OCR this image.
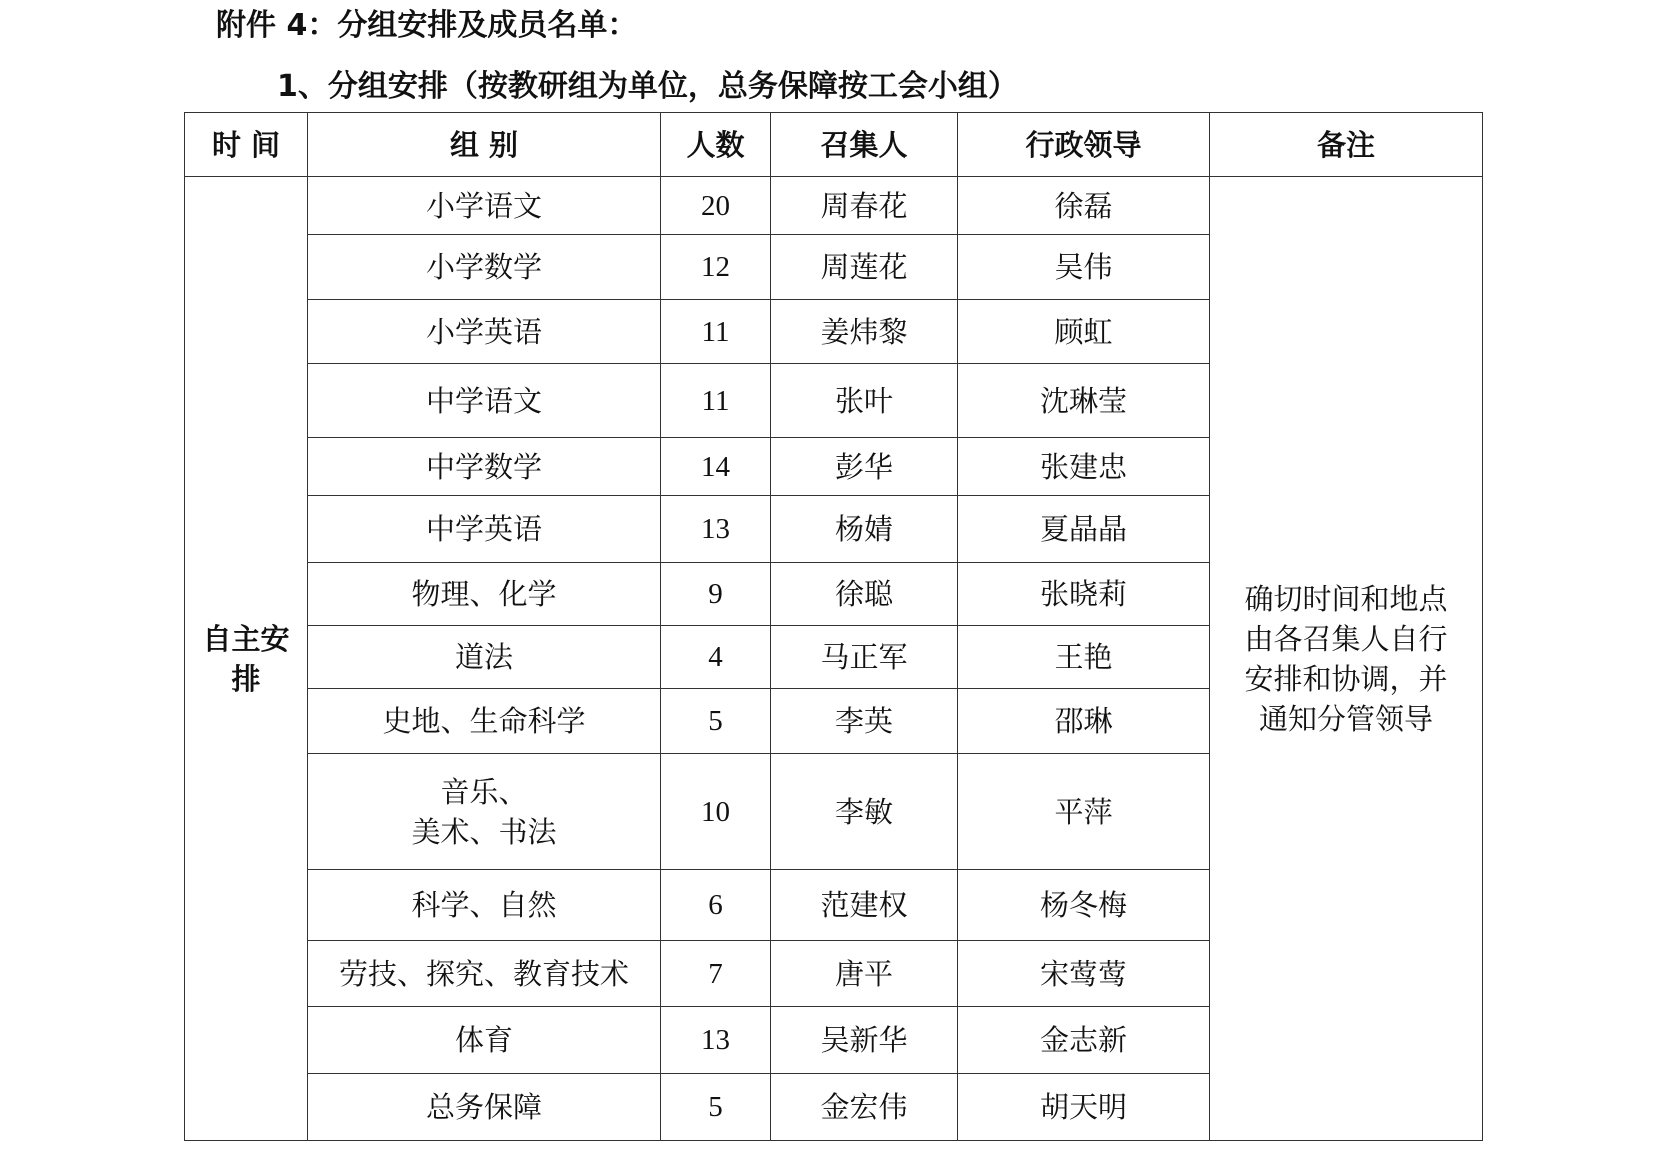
附件 4：分组安排及成员名单：
1、分组安排（按教研组为单位，总务保障按工会小组）
时 间	组 别	人数	召集人	行政领导	备注

自主安
排	小学语文	20	周春花	徐磊	确切时间和地点
由各召集人自行
安排和协调，并
通知分管领导

	小学数学	12	周莲花	吴伟	

	小学英语	11	姜炜黎	顾虹	

	中学语文	11	张叶	沈琳莹	

	中学数学	14	彭华	张建忠	

	中学英语	13	杨婧	夏晶晶	

	物理、化学	9	徐聪	张晓莉	

	道法	4	马正军	王艳	

	史地、生命科学	5	李英	邵琳	

	音乐、
美术、书法	10	李敏	平萍	

	科学、自然	6	范建权	杨冬梅	

	劳技、探究、教育技术	7	唐平	宋莺莺	

	体育	13	吴新华	金志新	

	总务保障	5	金宏伟	胡天明	
